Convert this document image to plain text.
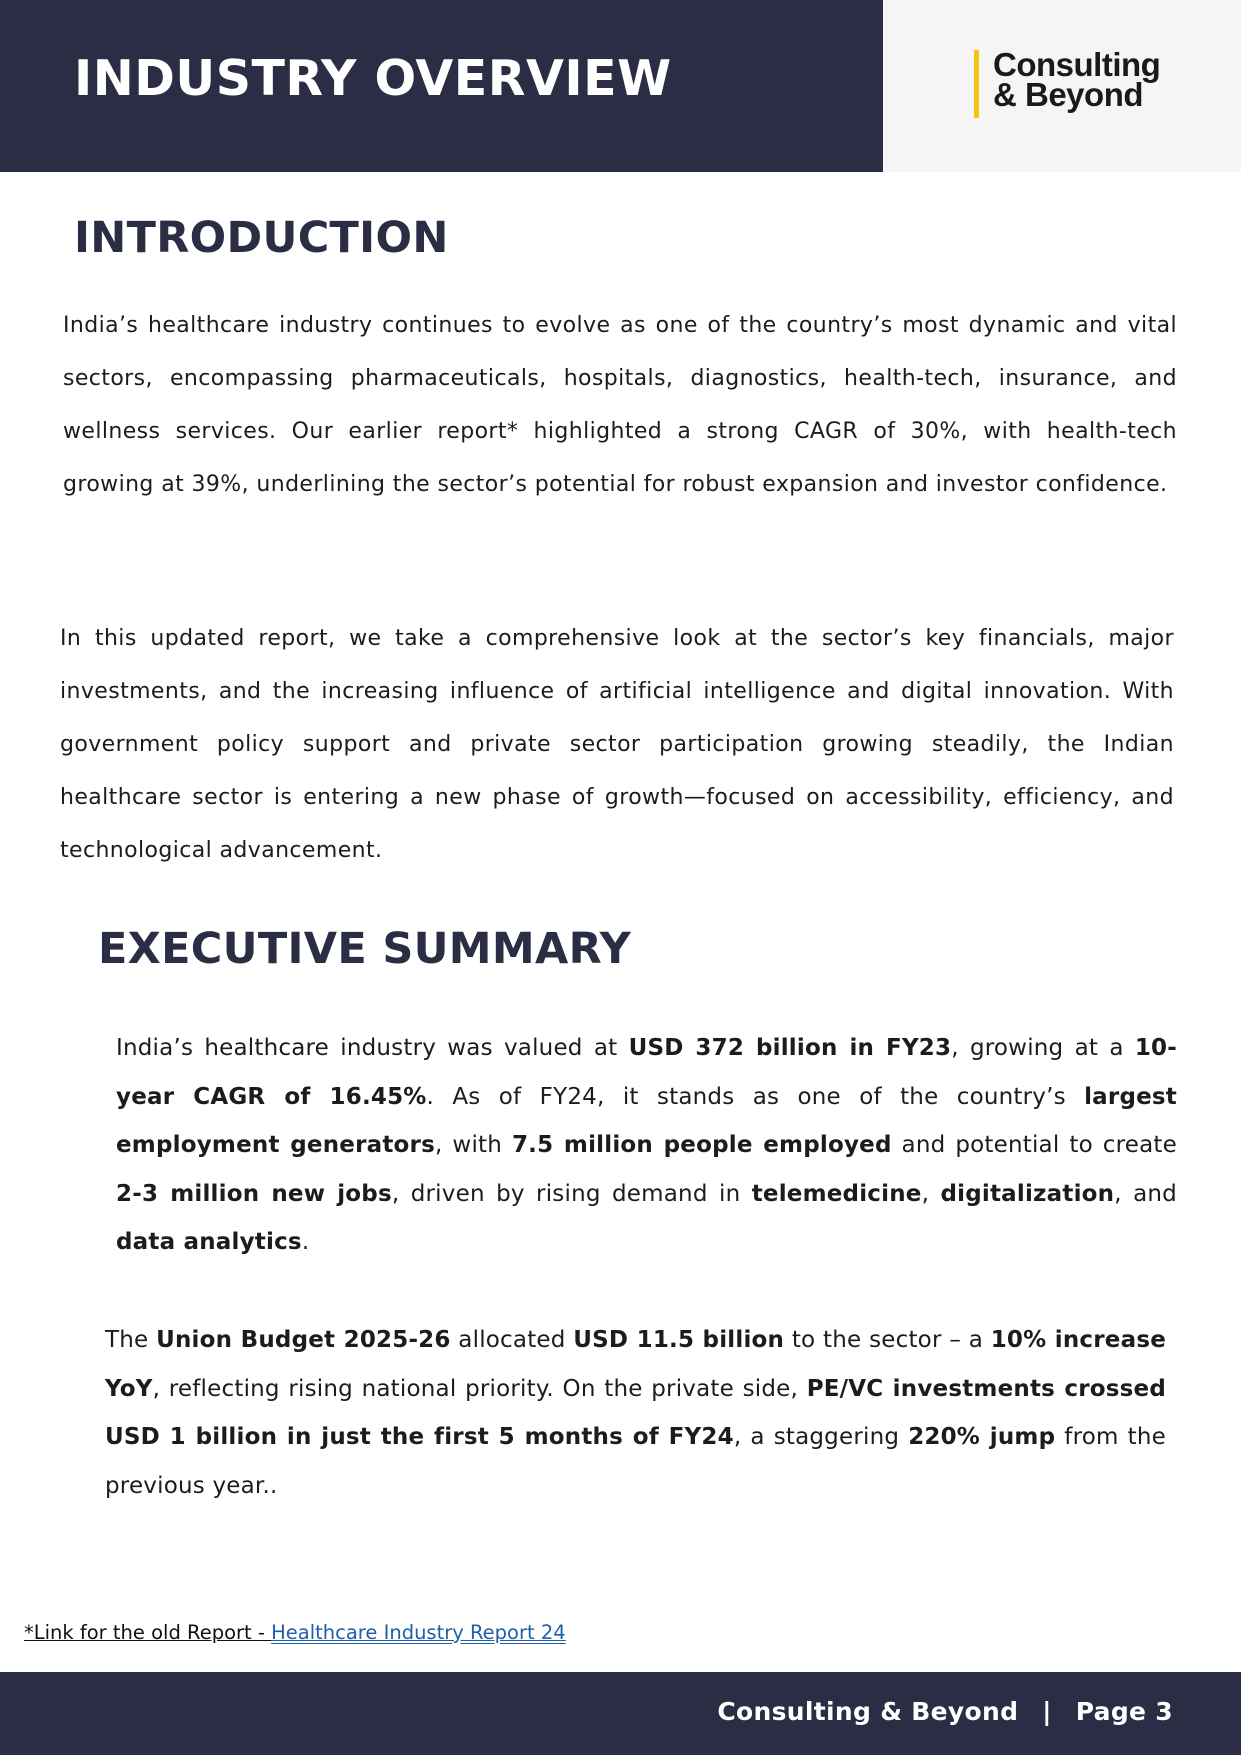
INDUSTRY OVERVIEW	Consulting
& Beyond
INTRODUCTION

India’s healthcare industry continues to evolve as one of the country’s most dynamic and vital sectors, encompassing pharmaceuticals, hospitals, diagnostics, health-tech, insurance, and wellness services. Our earlier report* highlighted a strong CAGR of 30%, with health-tech growing at 39%, underlining the sector’s potential for robust expansion and investor confidence.

In this updated report, we take a comprehensive look at the sector’s key financials, major investments, and the increasing influence of artificial intelligence and digital innovation. With government policy support and private sector participation growing steadily, the Indian healthcare sector is entering a new phase of growth—focused on accessibility, efficiency, and technological advancement.

EXECUTIVE SUMMARY

India’s healthcare industry was valued at USD 372 billion in FY23, growing at a 10-year CAGR of 16.45%. As of FY24, it stands as one of the country’s largest employment generators, with 7.5 million people employed and potential to create 2-3 million new jobs, driven by rising demand in telemedicine, digitalization, and data analytics.

The Union Budget 2025-26 allocated USD 11.5 billion to the sector – a 10% increase YoY, reflecting rising national priority. On the private side, PE/VC investments crossed USD 1 billion in just the first 5 months of FY24, a staggering 220% jump from the previous year..

*Link for the old Report - Healthcare Industry Report 24
Consulting & Beyond | Page 3
